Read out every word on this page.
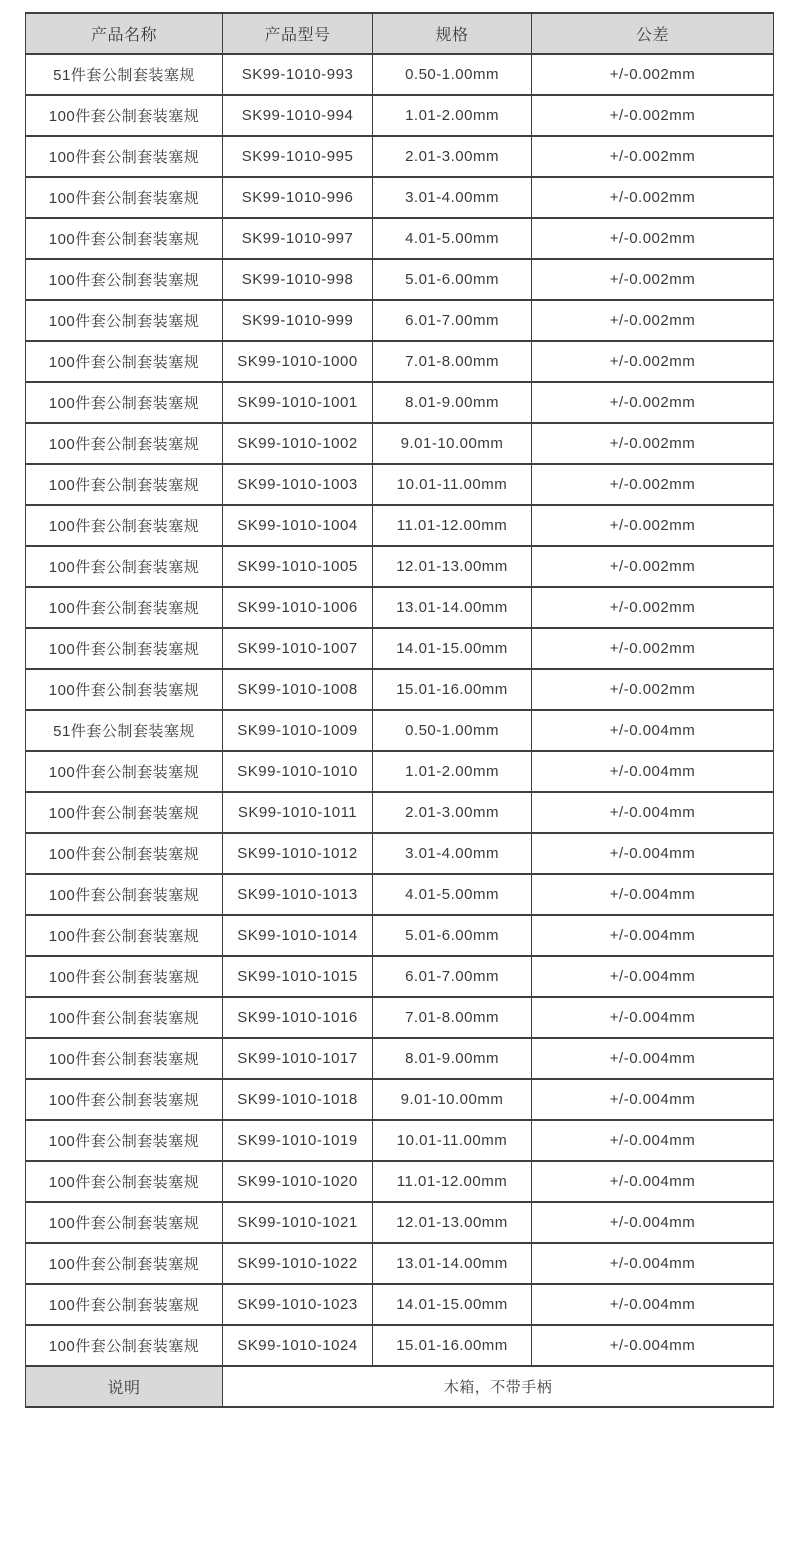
产品名称	产品型号	规格	公差
51件套公制套装塞规	SK99-1010-993	0.50-1.00mm	+/-0.002mm
100件套公制套装塞规	SK99-1010-994	1.01-2.00mm	+/-0.002mm
100件套公制套装塞规	SK99-1010-995	2.01-3.00mm	+/-0.002mm
100件套公制套装塞规	SK99-1010-996	3.01-4.00mm	+/-0.002mm
100件套公制套装塞规	SK99-1010-997	4.01-5.00mm	+/-0.002mm
100件套公制套装塞规	SK99-1010-998	5.01-6.00mm	+/-0.002mm
100件套公制套装塞规	SK99-1010-999	6.01-7.00mm	+/-0.002mm
100件套公制套装塞规	SK99-1010-1000	7.01-8.00mm	+/-0.002mm
100件套公制套装塞规	SK99-1010-1001	8.01-9.00mm	+/-0.002mm
100件套公制套装塞规	SK99-1010-1002	9.01-10.00mm	+/-0.002mm
100件套公制套装塞规	SK99-1010-1003	10.01-11.00mm	+/-0.002mm
100件套公制套装塞规	SK99-1010-1004	11.01-12.00mm	+/-0.002mm
100件套公制套装塞规	SK99-1010-1005	12.01-13.00mm	+/-0.002mm
100件套公制套装塞规	SK99-1010-1006	13.01-14.00mm	+/-0.002mm
100件套公制套装塞规	SK99-1010-1007	14.01-15.00mm	+/-0.002mm
100件套公制套装塞规	SK99-1010-1008	15.01-16.00mm	+/-0.002mm
51件套公制套装塞规	SK99-1010-1009	0.50-1.00mm	+/-0.004mm
100件套公制套装塞规	SK99-1010-1010	1.01-2.00mm	+/-0.004mm
100件套公制套装塞规	SK99-1010-1011	2.01-3.00mm	+/-0.004mm
100件套公制套装塞规	SK99-1010-1012	3.01-4.00mm	+/-0.004mm
100件套公制套装塞规	SK99-1010-1013	4.01-5.00mm	+/-0.004mm
100件套公制套装塞规	SK99-1010-1014	5.01-6.00mm	+/-0.004mm
100件套公制套装塞规	SK99-1010-1015	6.01-7.00mm	+/-0.004mm
100件套公制套装塞规	SK99-1010-1016	7.01-8.00mm	+/-0.004mm
100件套公制套装塞规	SK99-1010-1017	8.01-9.00mm	+/-0.004mm
100件套公制套装塞规	SK99-1010-1018	9.01-10.00mm	+/-0.004mm
100件套公制套装塞规	SK99-1010-1019	10.01-11.00mm	+/-0.004mm
100件套公制套装塞规	SK99-1010-1020	11.01-12.00mm	+/-0.004mm
100件套公制套装塞规	SK99-1010-1021	12.01-13.00mm	+/-0.004mm
100件套公制套装塞规	SK99-1010-1022	13.01-14.00mm	+/-0.004mm
100件套公制套装塞规	SK99-1010-1023	14.01-15.00mm	+/-0.004mm
100件套公制套装塞规	SK99-1010-1024	15.01-16.00mm	+/-0.004mm
说明	木箱，不带手柄		
